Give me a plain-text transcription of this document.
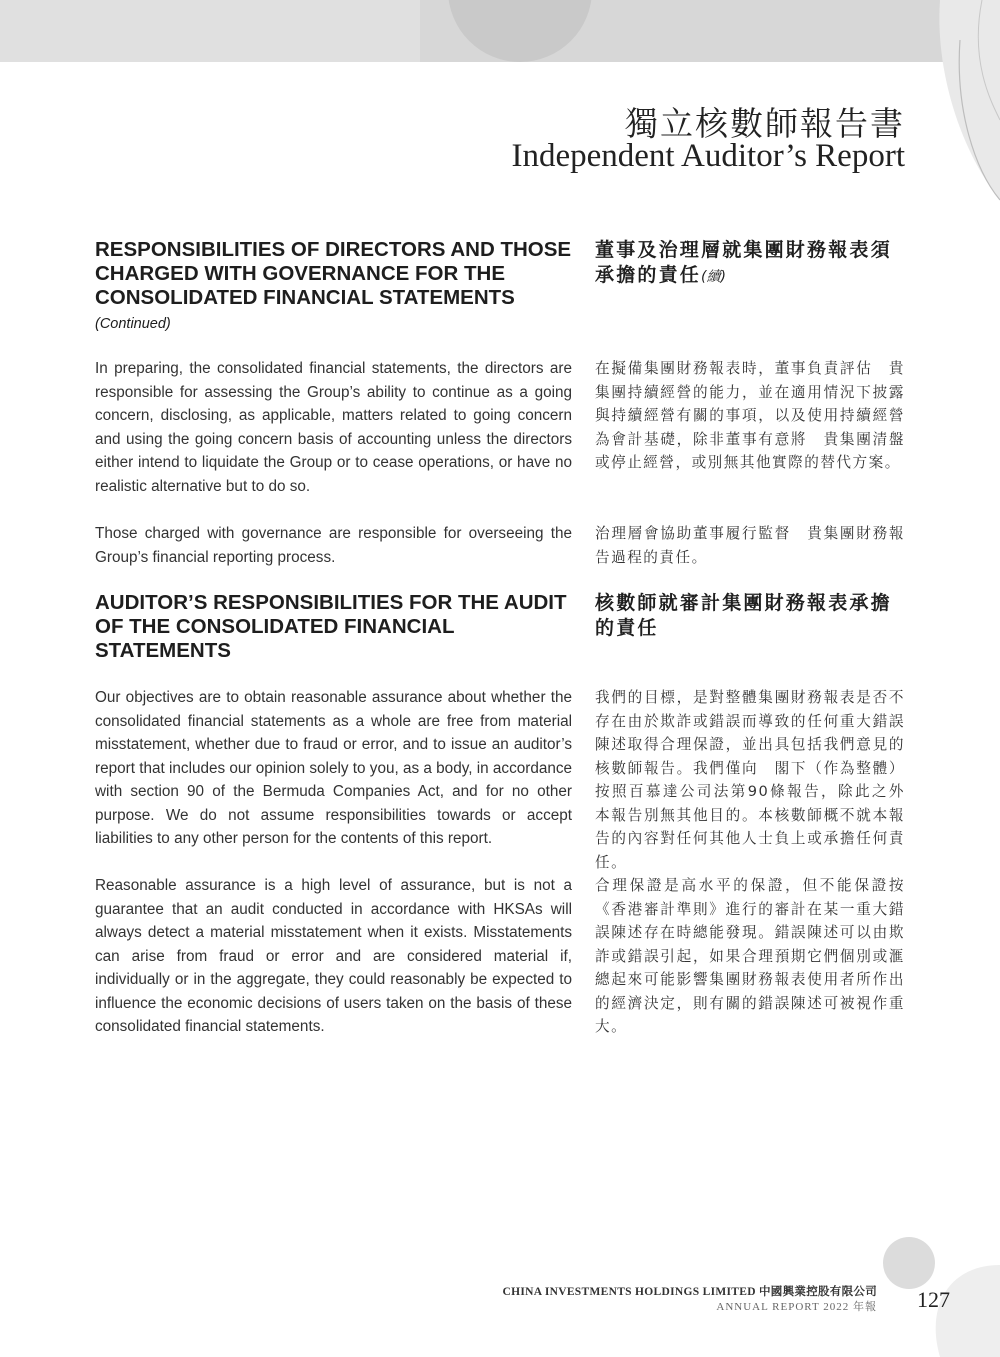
獨立核數師報告書
Independent Auditor’s Report

RESPONSIBILITIES OF DIRECTORS AND THOSE CHARGED WITH GOVERNANCE FOR THE CONSOLIDATED FINANCIAL STATEMENTS (Continued)

董事及治理層就集團財務報表須承擔的責任(續)

In preparing, the consolidated financial statements, the directors are responsible for assessing the Group’s ability to continue as a going concern, disclosing, as applicable, matters related to going concern and using the going concern basis of accounting unless the directors either intend to liquidate the Group or to cease operations, or have no realistic alternative but to do so.

在擬備集團財務報表時，董事負責評估　貴集團持續經營的能力，並在適用情況下披露與持續經營有關的事項，以及使用持續經營為會計基礎，除非董事有意將　貴集團清盤或停止經營，或別無其他實際的替代方案。

Those charged with governance are responsible for overseeing the Group’s financial reporting process.

治理層會協助董事履行監督　貴集團財務報告過程的責任。

AUDITOR’S RESPONSIBILITIES FOR THE AUDIT OF THE CONSOLIDATED FINANCIAL STATEMENTS

核數師就審計集團財務報表承擔的責任

Our objectives are to obtain reasonable assurance about whether the consolidated financial statements as a whole are free from material misstatement, whether due to fraud or error, and to issue an auditor’s report that includes our opinion solely to you, as a body, in accordance with section 90 of the Bermuda Companies Act, and for no other purpose. We do not assume responsibilities towards or accept liabilities to any other person for the contents of this report.

我們的目標，是對整體集團財務報表是否不存在由於欺詐或錯誤而導致的任何重大錯誤陳述取得合理保證，並出具包括我們意見的核數師報告。我們僅向　閣下（作為整體）按照百慕達公司法第90條報告，除此之外本報告別無其他目的。本核數師概不就本報告的內容對任何其他人士負上或承擔任何責任。

Reasonable assurance is a high level of assurance, but is not a guarantee that an audit conducted in accordance with HKSAs will always detect a material misstatement when it exists. Misstatements can arise from fraud or error and are considered material if, individually or in the aggregate, they could reasonably be expected to influence the economic decisions of users taken on the basis of these consolidated financial statements.

合理保證是高水平的保證，但不能保證按《香港審計準則》進行的審計在某一重大錯誤陳述存在時總能發現。錯誤陳述可以由欺詐或錯誤引起，如果合理預期它們個別或滙總起來可能影響集團財務報表使用者所作出的經濟決定，則有關的錯誤陳述可被視作重大。

CHINA INVESTMENTS HOLDINGS LIMITED 中國興業控股有限公司
ANNUAL REPORT 2022 年報 127
